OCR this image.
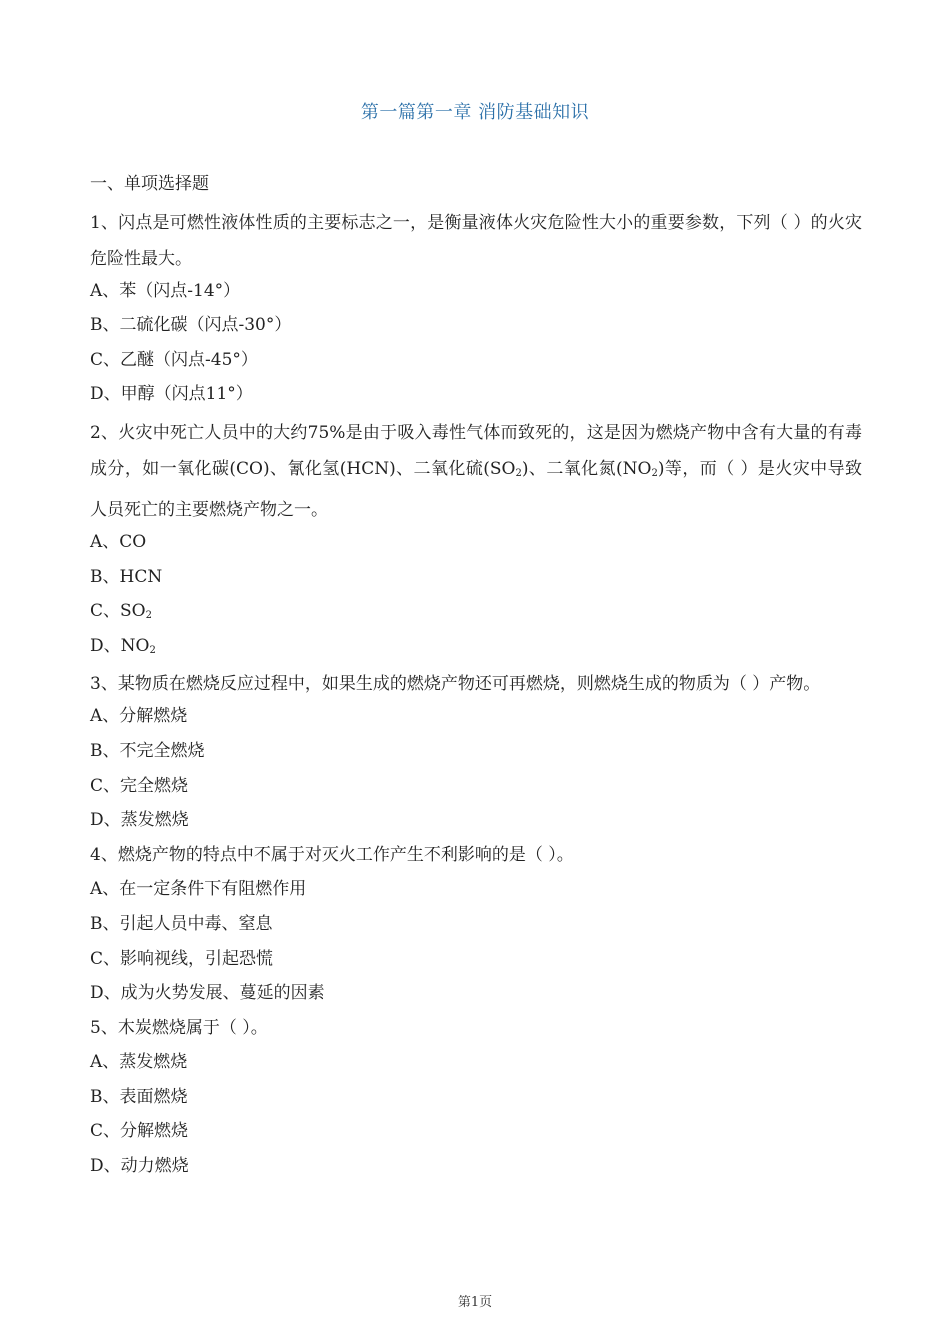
第一篇第一章 消防基础知识
一、单项选择题

1、闪点是可燃性液体性质的主要标志之一，是衡量液体火灾危险性大小的重要参数，下列（ ）的火灾危险性最大。

A、苯（闪点-14°）
B、二硫化碳（闪点-30°）
C、乙醚（闪点-45°）
D、甲醇（闪点11°）

2、火灾中死亡人员中的大约75%是由于吸入毒性气体而致死的，这是因为燃烧产物中含有大量的有毒成分，如一氧化碳(CO)、氰化氢(HCN)、二氧化硫$(SO_2)$、二氧化氮$(NO_2)$等，而（ ）是火灾中导致人员死亡的主要燃烧产物之一。

A、CO
B、HCN
C、$SO_2$
D、$NO_2$

3、某物质在燃烧反应过程中，如果生成的燃烧产物还可再燃烧，则燃烧生成的物质为（ ）产物。

A、分解燃烧
B、不完全燃烧
C、完全燃烧
D、蒸发燃烧
4、燃烧产物的特点中不属于对灭火工作产生不利影响的是（ ）。
A、在一定条件下有阻燃作用
B、引起人员中毒、窒息
C、影响视线，引起恐慌
D、成为火势发展、蔓延的因素
5、木炭燃烧属于（ ）。
A、蒸发燃烧
B、表面燃烧
C、分解燃烧
D、动力燃烧
第1页
